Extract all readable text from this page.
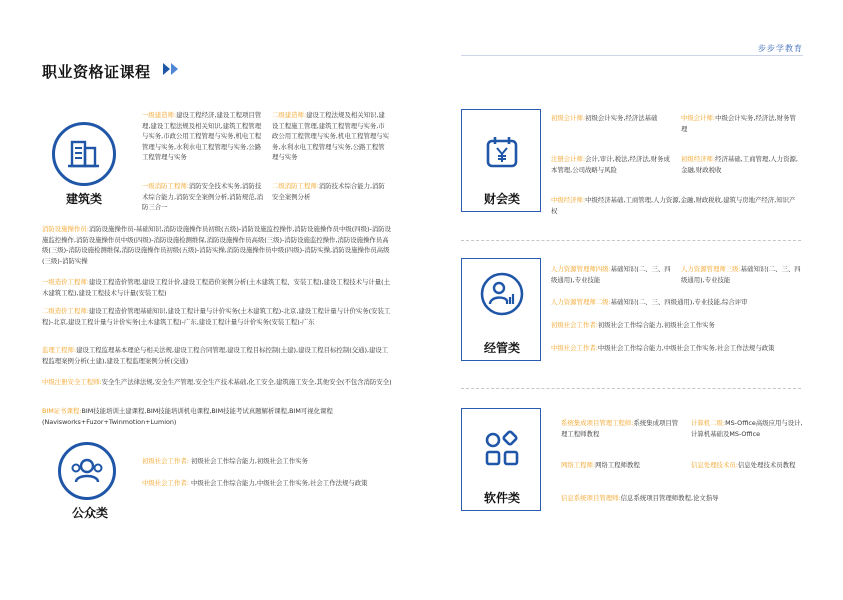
职业资格证课程
步步学教育
建筑类
一级建造师:建设工程经济,建设工程项目管理,建设工程法规及相关知识,建筑工程管理与实务,市政公用工程管理与实务,机电工程管理与实务,水利水电工程管理与实务,公路工程管理与实务
二级建造师:建设工程法规及相关知识,建设工程施工管理,建筑工程管理与实务,市政公用工程管理与实务,机电工程管理与实务,水利水电工程管理与实务,公路工程管理与实务
一级消防工程师:消防安全技术实务,消防技术综合能力,消防安全案例分析,消防规范,消防三合一
二级消防工程师:消防技术综合能力,消防安全案例分析
消防设施操作员:消防设施操作员-基础知识,消防设施操作员初级(五级)-消防设施监控操作,消防设施操作员中级(四级)-消防设施监控操作,消防设施操作员中级(四级)-消防设施检测维保,消防设施操作员高级(三级)-消防设施监控操作,消防设施操作员高级(三级)-消防设施检测维保,消防设施操作员初级(五级)-消防实操,消防设施操作员中级(四级)-消防实操,消防设施操作员高级(三级)-消防实操
一级造价工程师:建设工程造价管理,建设工程计价,建设工程造价案例分析(土木建筑工程、安装工程),建设工程技术与计量(土木建筑工程),建设工程技术与计量(安装工程)
二级造价工程师:建设工程造价管理基础知识,建设工程计量与计价实务(土木建筑工程)-北京,建设工程计量与计价实务(安装工程)-北京,建设工程计量与计价实务(土木建筑工程)-广东,建设工程计量与计价实务(安装工程)-广东
监理工程师:建设工程监理基本理论与相关法规,建设工程合同管理,建设工程目标控制(土建),建设工程目标控制(交通),建设工程监理案例分析(土建),建设工程监理案例分析(交通)
中级注册安全工程师:安全生产法律法规,安全生产管理,安全生产技术基础,化工安全,建筑施工安全,其他安全(不包含消防安全)
BIM证书课程:BIM技能培训土建课程,BIM技能培训机电课程,BIM技能考试真题解析课程,BIM可视化课程(Navisworks+Fuzor+Twinmotion+Lumion)
公众类
初级社会工作者: 初级社会工作综合能力,初级社会工作实务
中级社会工作者: 中级社会工作综合能力,中级社会工作实务,社会工作法规与政策
财会类
初级会计师:初级会计实务,经济法基础	中级会计师:中级会计实务,经济法,财务管理
注册会计师:会计,审计,税法,经济法,财务成本管理,公司战略与风险
初级经济师:经济基础,工商管理,人力资源,金融,财政税收
中级经济师:中级经济基础,工商管理,人力资源,金融,财政税收,建筑与房地产经济,知识产权
经管类
人力资源管理师四级:基础知识(二、三、四级通用),专业技能
人力资源管理师三级:基础知识(二、三、四级通用),专业技能
人力资源管理师二级:基础知识(二、三、四级通用),专业技能,综合评审
初级社会工作者:初级社会工作综合能力,初级社会工作实务
中级社会工作者:中级社会工作综合能力,中级社会工作实务,社会工作法规与政策
软件类
系统集成项目管理工程师:系统集成项目管理工程师教程
计算机二级:MS-Office高级应用与设计,计算机基础及MS-Office
网络工程师:网络工程师教程	信息处理技术员:信息处理技术员教程
信息系统项目管理师:信息系统项目管理师教程,论文指导
